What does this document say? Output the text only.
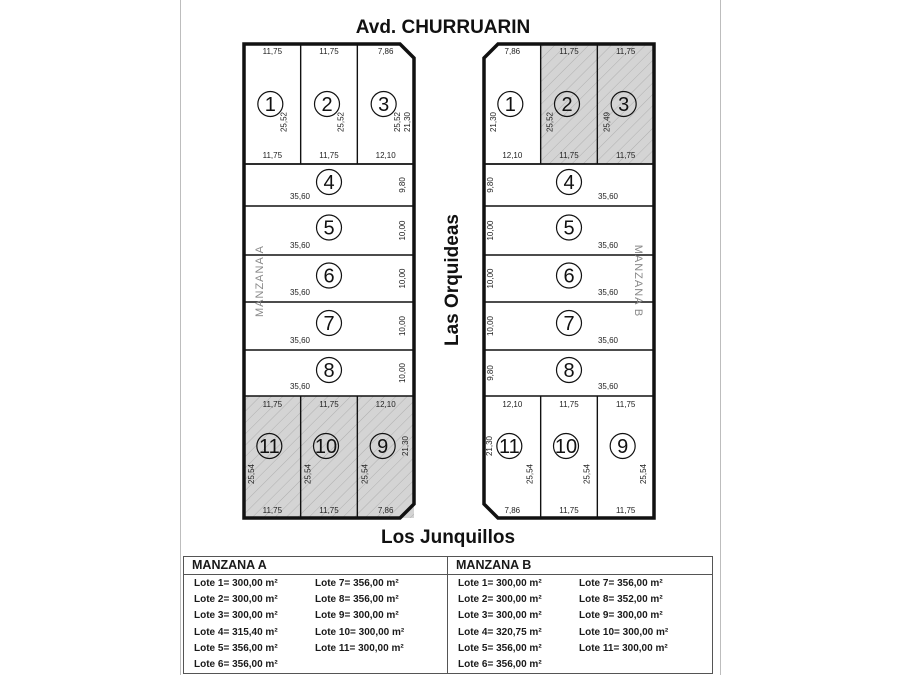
Avd. CHURRUARIN
Las Orquideas
Los Junquillos
1
11,75
11,75
25,52
2
11,75
11,75
25,52
3
7,86
12,10
25,52 21,30
11
11,75
11,75
25,54
10
11,75
11,75
25,54
9
12,10
7,86
25,54
21,30
4
35,60
9,80
5
35,60
10,00
6
35,60
10,00
7
35,60
10,00
8
35,60
10,00
1
7,86
12,10
21,30
2
11,75
11,75
25,52
3
11,75
11,75
25,49
11
12,10
7,86
25,54
21,30	10
11,75
11,75
25,54
9
11,75
11,75
25,54
4
35,60
9,80
5
35,60
10,00
6
35,60
10,00
7
35,60
10,00
8
35,60
9,80
MANZANA A	MANZANA B
MANZANA A
Lote 1= 300,00 m²
Lote 2= 300,00 m²
Lote 3= 300,00 m²
Lote 4= 315,40 m²
Lote 5= 356,00 m²
Lote 6= 356,00 m²
Lote 7= 356,00 m²
Lote 8= 356,00 m²
Lote 9= 300,00 m²
Lote 10= 300,00 m²
Lote 11= 300,00 m²
MANZANA B
Lote 1= 300,00 m²
Lote 2= 300,00 m²
Lote 3= 300,00 m²
Lote 4= 320,75 m²
Lote 5= 356,00 m²
Lote 6= 356,00 m²
Lote 7= 356,00 m²
Lote 8= 352,00 m²
Lote 9= 300,00 m²
Lote 10= 300,00 m²
Lote 11= 300,00 m²
